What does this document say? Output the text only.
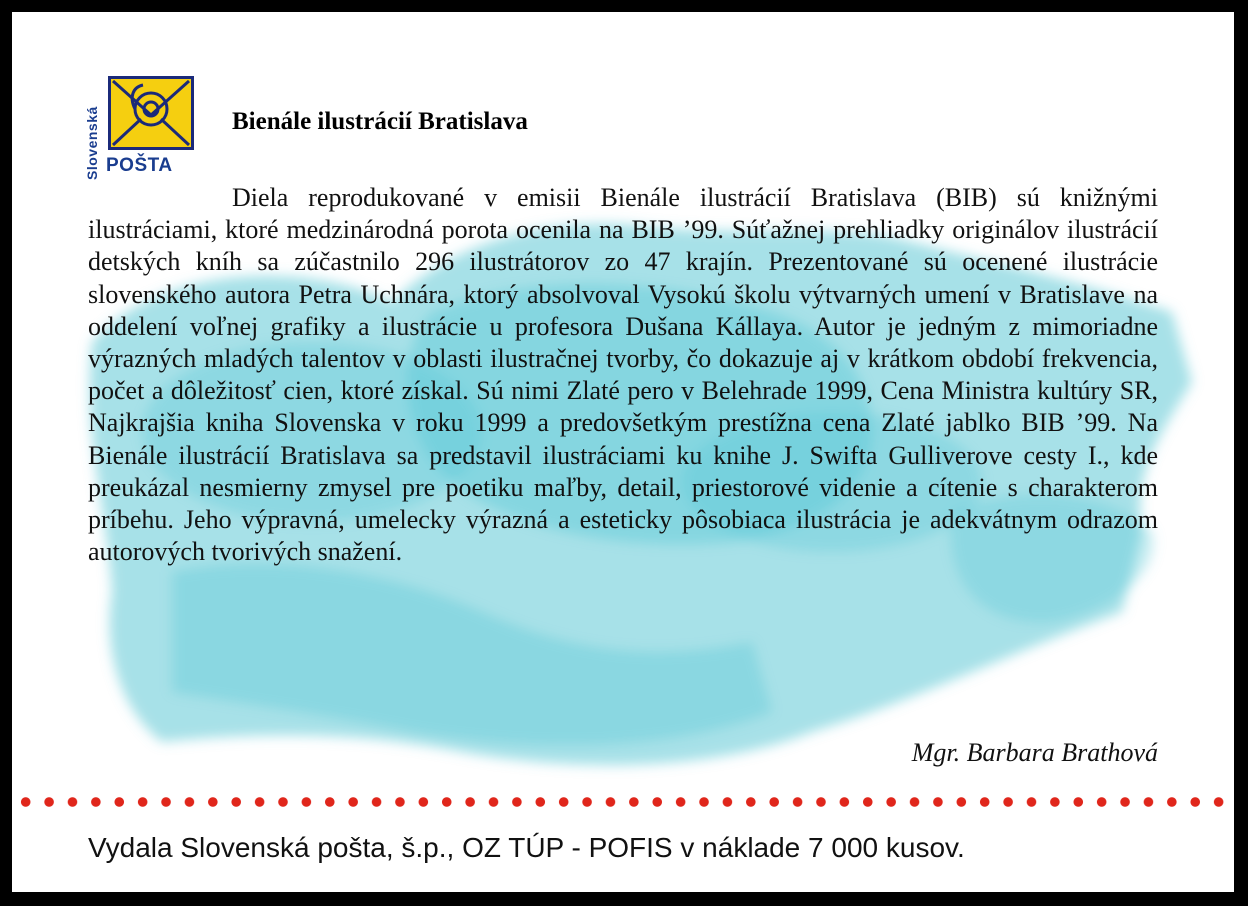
Slovenská POŠTA
Bienále ilustrácií Bratislava

Diela reprodukované v emisii Bienále ilustrácií Bratislava (BIB) sú knižnými ilustráciami, ktoré medzinárodná porota ocenila na BIB ’99. Súťažnej prehliadky originálov ilustrácií detských kníh sa zúčastnilo 296 ilustrátorov zo 47 krajín. Prezentované sú ocenené ilustrácie slovenského autora Petra Uchnára, ktorý absolvoval Vysokú školu výtvarných umení v Bratislave na oddelení voľnej grafiky a ilustrácie u profesora Dušana Kállaya. Autor je jedným z mimoriadne výrazných mladých talentov v oblasti ilustračnej tvorby, čo dokazuje aj v krátkom období frekvencia, počet a dôležitosť cien, ktoré získal. Sú nimi Zlaté pero v Belehrade 1999, Cena Ministra kultúry SR, Najkrajšia kniha Slovenska v roku 1999 a predovšetkým prestížna cena Zlaté jablko BIB ’99. Na Bienále ilustrácií Bratislava sa predstavil ilustráciami ku knihe J. Swifta Gulliverove cesty I., kde preukázal nesmierny zmysel pre poetiku maľby, detail, priestorové videnie a cítenie s charakterom príbehu. Jeho výpravná, umelecky výrazná a esteticky pôsobiaca ilustrácia je adekvátnym odrazom autorových tvorivých snažení.

Mgr. Barbara Brathová
Vydala Slovenská pošta, š.p., OZ TÚP - POFIS v náklade 7 000 kusov.
